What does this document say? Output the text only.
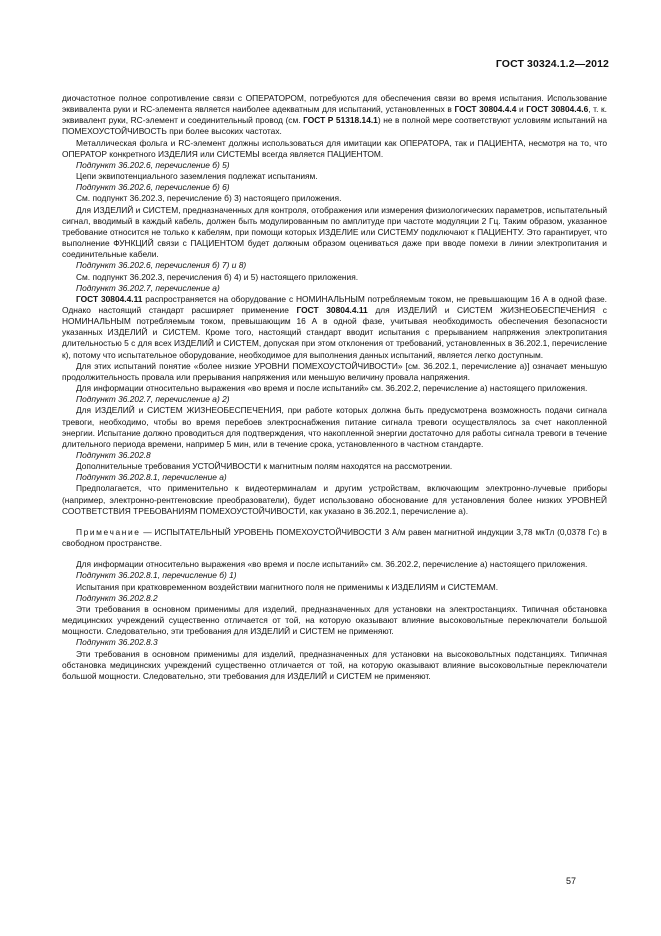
ГОСТ 30324.1.2—2012

диочастотное полное сопротивление связи с ОПЕРАТОРОМ, потребуются для обеспечения связи во время испытания. Использование эквивалента руки и RC-элемента является наиболее адекватным для испытаний, установленных в ГОСТ 30804.4.4 и ГОСТ 30804.4.6, т. к. эквивалент руки, RC-элемент и соединительный провод (см. ГОСТ Р 51318.14.1) не в полной мере соответствуют условиям испытаний на ПОМЕХОУСТОЙЧИВОСТЬ при более высоких частотах.

Металлическая фольга и RC-элемент должны использоваться для имитации как ОПЕРАТОРА, так и ПАЦИЕНТА, несмотря на то, что ОПЕРАТОР конкретного ИЗДЕЛИЯ или СИСТЕМЫ всегда является ПАЦИЕНТОМ.

Подпункт 36.202.6, перечисление б) 5)

Цепи эквипотенциального заземления подлежат испытаниям.

Подпункт 36.202.6, перечисление б) 6)

См. подпункт 36.202.3, перечисление б) 3) настоящего приложения.

Для ИЗДЕЛИЙ и СИСТЕМ, предназначенных для контроля, отображения или измерения физиологических параметров, испытательный сигнал, вводимый в каждый кабель, должен быть модулированным по амплитуде при частоте модуляции 2 Гц. Таким образом, указанное требование относится не только к кабелям, при помощи которых ИЗДЕЛИЕ или СИСТЕМУ подключают к ПАЦИЕНТУ. Это гарантирует, что выполнение ФУНКЦИЙ связи с ПАЦИЕНТОМ будет должным образом оцениваться даже при вводе помехи в линии электропитания и соединительные кабели.

Подпункт 36.202.6, перечисления б) 7) и 8)

См. подпункт 36.202.3, перечисления б) 4) и 5) настоящего приложения.

Подпункт 36.202.7, перечисление а)

ГОСТ 30804.4.11 распространяется на оборудование с НОМИНАЛЬНЫМ потребляемым током, не превышающим 16 А в одной фазе. Однако настоящий стандарт расширяет применение ГОСТ 30804.4.11 для ИЗДЕЛИЙ и СИСТЕМ ЖИЗНЕОБЕСПЕЧЕНИЯ с НОМИНАЛЬНЫМ потребляемым током, превышающим 16 А в одной фазе, учитывая необходимость обеспечения безопасности указанных ИЗДЕЛИЙ и СИСТЕМ. Кроме того, настоящий стандарт вводит испытания с прерыванием напряжения электропитания длительностью 5 с для всех ИЗДЕЛИЙ и СИСТЕМ, допуская при этом отклонения от требований, установленных в 36.202.1, перечисление к), потому что испытательное оборудование, необходимое для выполнения данных испытаний, является легко доступным.

Для этих испытаний понятие «более низкие УРОВНИ ПОМЕХОУСТОЙЧИВОСТИ» [см. 36.202.1, перечисление а)] означает меньшую продолжительность провала или прерывания напряжения или меньшую величину провала напряжения.

Для информации относительно выражения «во время и после испытаний» см. 36.202.2, перечисление а) настоящего приложения.

Подпункт 36.202.7, перечисление а) 2)

Для ИЗДЕЛИЙ и СИСТЕМ ЖИЗНЕОБЕСПЕЧЕНИЯ, при работе которых должна быть предусмотрена возможность подачи сигнала тревоги, необходимо, чтобы во время перебоев электроснабжения питание сигнала тревоги осуществлялось за счет накопленной энергии. Испытание должно проводиться для подтверждения, что накопленной энергии достаточно для работы сигнала тревоги в течение длительного периода времени, например 5 мин, или в течение срока, установленного в частном стандарте.

Подпункт 36.202.8

Дополнительные требования УСТОЙЧИВОСТИ к магнитным полям находятся на рассмотрении.

Подпункт 36.202.8.1, перечисление а)

Предполагается, что применительно к видеотерминалам и другим устройствам, включающим электронно-лучевые приборы (например, электронно-рентгеновские преобразователи), будет использовано обоснование для установления более низких УРОВНЕЙ СООТВЕТСТВИЯ ТРЕБОВАНИЯМ ПОМЕХОУСТОЙЧИВОСТИ, как указано в 36.202.1, перечисление а).

Примечание — ИСПЫТАТЕЛЬНЫЙ УРОВЕНЬ ПОМЕХОУСТОЙЧИВОСТИ 3 А/м равен магнитной индукции 3,78 мкТл (0,0378 Гс) в свободном пространстве.

Для информации относительно выражения «во время и после испытаний» см. 36.202.2, перечисление а) настоящего приложения.

Подпункт 36.202.8.1, перечисление б) 1)

Испытания при кратковременном воздействии магнитного поля не применимы к ИЗДЕЛИЯМ и СИСТЕМАМ.

Подпункт 36.202.8.2

Эти требования в основном применимы для изделий, предназначенных для установки на электростанциях. Типичная обстановка медицинских учреждений существенно отличается от той, на которую оказывают влияние высоковольтные переключатели большой мощности. Следовательно, эти требования для ИЗДЕЛИЙ и СИСТЕМ не применяют.

Подпункт 36.202.8.3

Эти требования в основном применимы для изделий, предназначенных для установки на высоковольтных подстанциях. Типичная обстановка медицинских учреждений существенно отличается от той, на которую оказывают влияние высоковольтные переключатели большой мощности. Следовательно, эти требования для ИЗДЕЛИЙ и СИСТЕМ не применяют.

57
